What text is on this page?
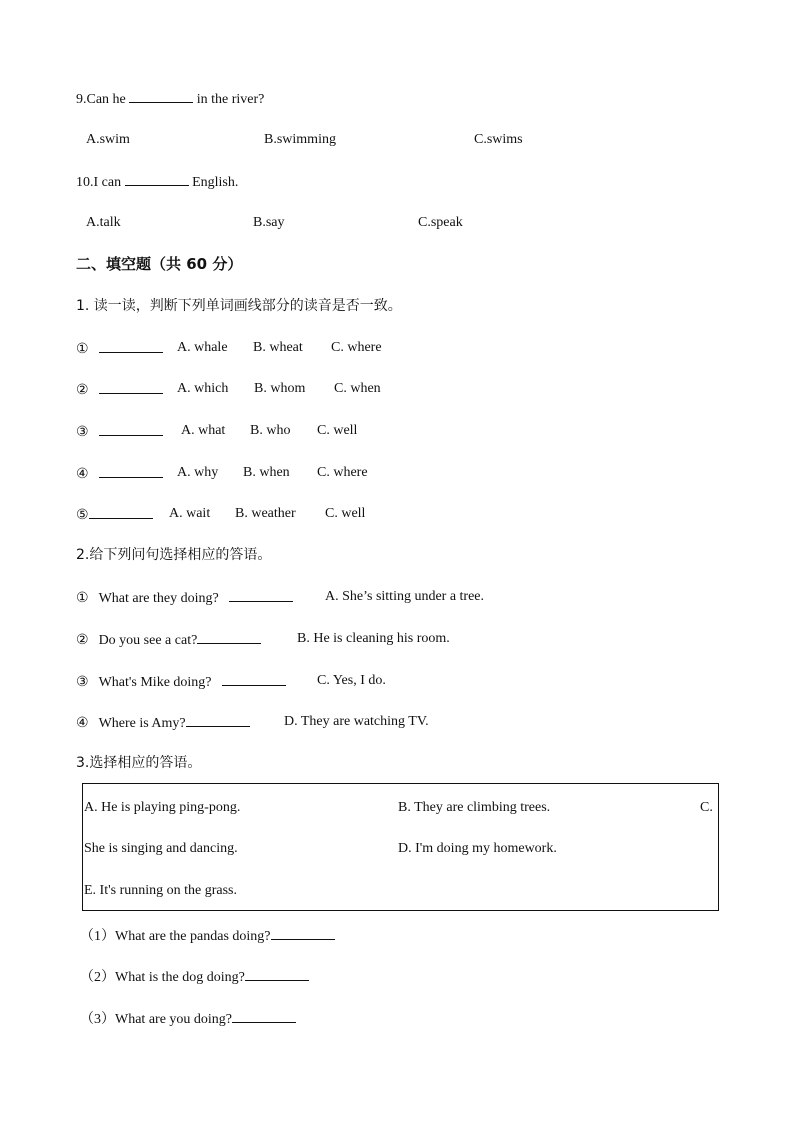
9.Can he	in the river?
A.swim	B.swimming	C.swims
10.I can	English.
A.talk	B.say	C.speak
二、填空题（共 60 分）
1. 读一读，判断下列单词画线部分的读音是否一致。
①	A. whale B. wheat C. where
②	A. which B. whom C. when
③	A. what B. who C. well
④	A. why B. when C. where
⑤	A. wait B. weather C. well
2.给下列问句选择相应的答语。
① What are they doing?	A. She’s sitting under a tree.
② Do you see a cat?	B. He is cleaning his room.
③ What's Mike doing?	C. Yes, I do.
④ Where is Amy?	D. They are watching TV.
3.选择相应的答语。
A. He is playing ping-pong.	B. They are climbing trees.	C.
She is singing and dancing.	D. I'm doing my homework.
E. It's running on the grass.
（1）What are the pandas doing?
（2）What is the dog doing?
（3）What are you doing?
